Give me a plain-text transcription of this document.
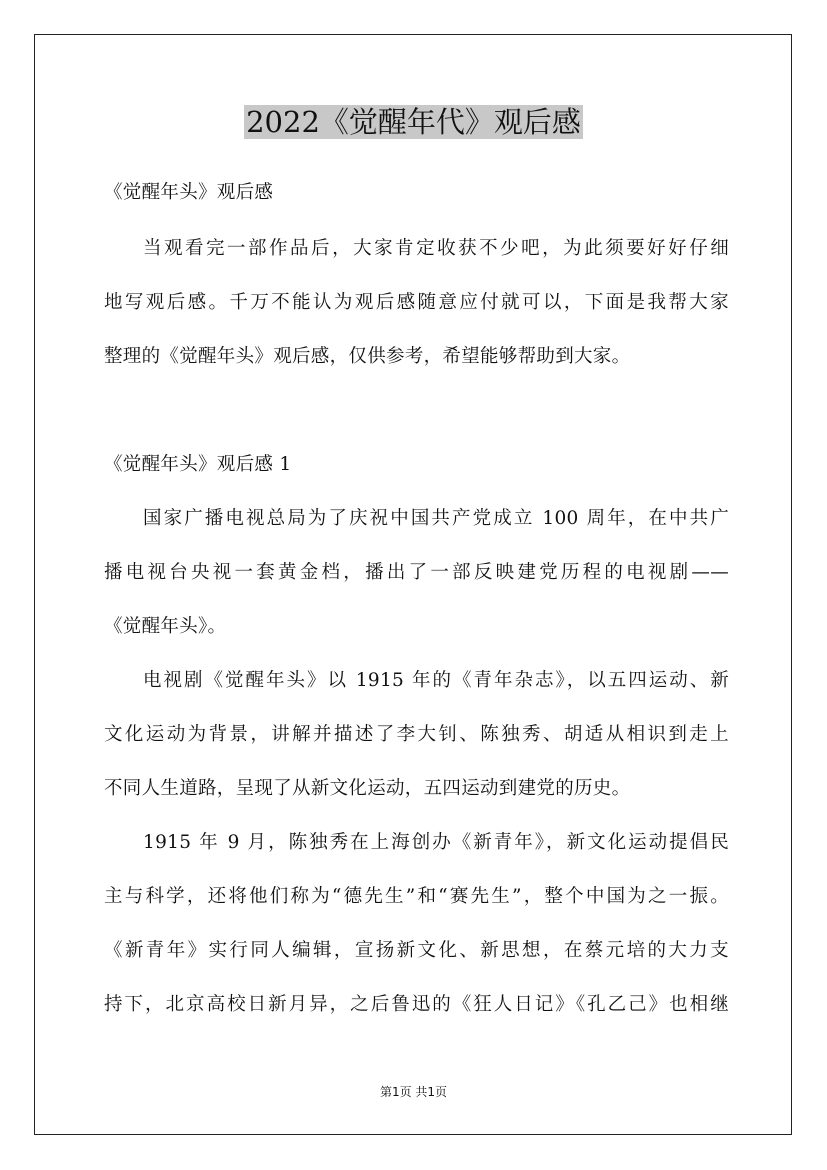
2022《觉醒年代》观后感
《觉醒年头》观后感
当观看完一部作品后，大家肯定收获不少吧，为此须要好好仔细
地写观后感。千万不能认为观后感随意应付就可以，下面是我帮大家
整理的《觉醒年头》观后感，仅供参考，希望能够帮助到大家。
《觉醒年头》观后感 1
国家广播电视总局为了庆祝中国共产党成立 100 周年，在中共广
播电视台央视一套黄金档，播出了一部反映建党历程的电视剧——
《觉醒年头》。
电视剧《觉醒年头》以 1915 年的《青年杂志》，以五四运动、新
文化运动为背景，讲解并描述了李大钊、陈独秀、胡适从相识到走上
不同人生道路，呈现了从新文化运动，五四运动到建党的历史。
1915 年 9 月，陈独秀在上海创办《新青年》，新文化运动提倡民
主与科学，还将他们称为“德先生”和“赛先生”，整个中国为之一振。
《新青年》实行同人编辑，宣扬新文化、新思想，在蔡元培的大力支
持下，北京高校日新月异，之后鲁迅的《狂人日记》《孔乙己》也相继
第1页 共1页
